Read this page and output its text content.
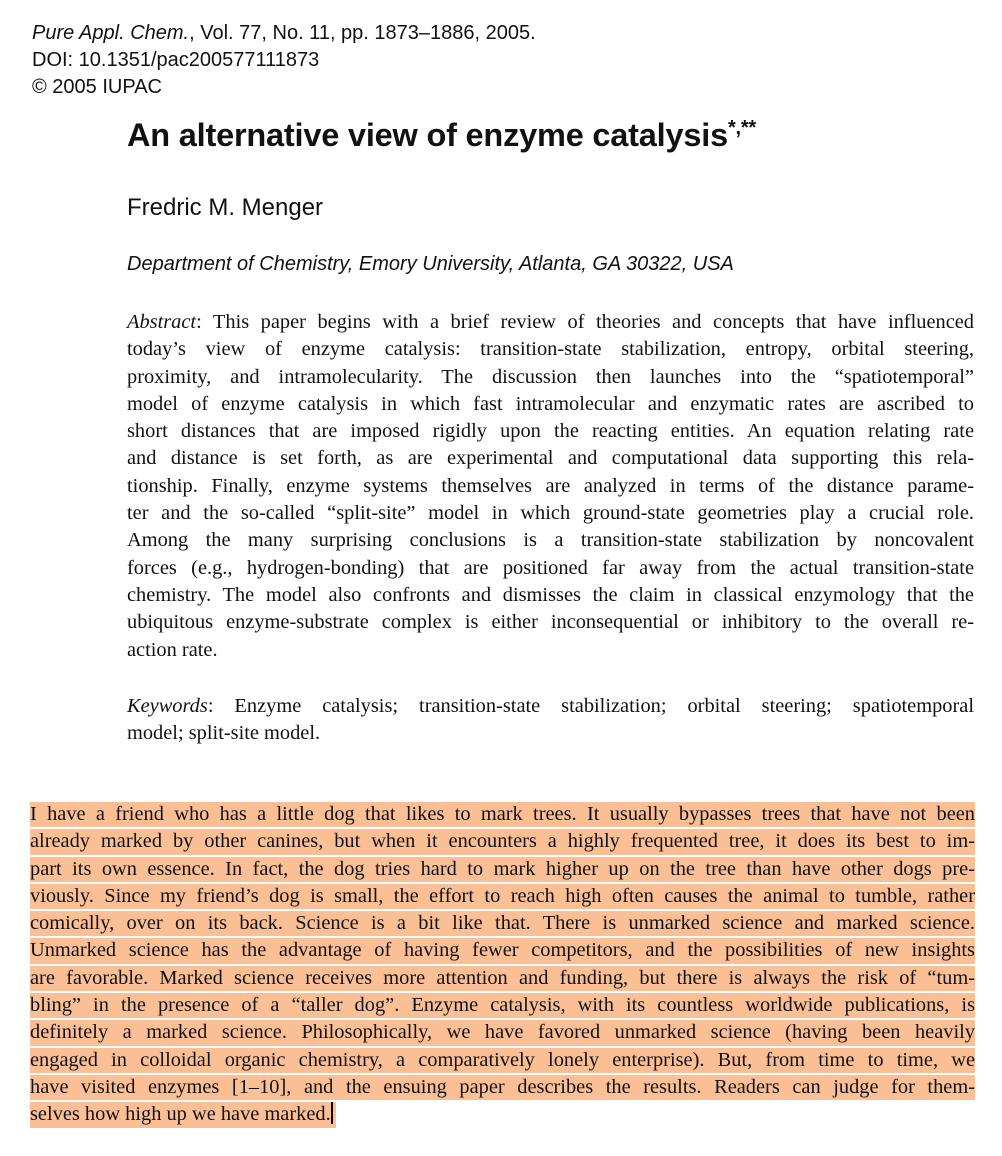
Pure Appl. Chem., Vol. 77, No. 11, pp. 1873–1886, 2005.
DOI: 10.1351/pac200577111873
© 2005 IUPAC
An alternative view of enzyme catalysis*,**
Fredric M. Menger
Department of Chemistry, Emory University, Atlanta, GA 30322, USA
Abstract: This paper begins with a brief review of theories and concepts that have influenced
today’s view of enzyme catalysis: transition-state stabilization, entropy, orbital steering,
proximity, and intramolecularity. The discussion then launches into the “spatiotemporal”
model of enzyme catalysis in which fast intramolecular and enzymatic rates are ascribed to
short distances that are imposed rigidly upon the reacting entities. An equation relating rate
and distance is set forth, as are experimental and computational data supporting this rela-
tionship. Finally, enzyme systems themselves are analyzed in terms of the distance parame-
ter and the so-called “split-site” model in which ground-state geometries play a crucial role.
Among the many surprising conclusions is a transition-state stabilization by noncovalent
forces (e.g., hydrogen-bonding) that are positioned far away from the actual transition-state
chemistry. The model also confronts and dismisses the claim in classical enzymology that the
ubiquitous enzyme-substrate complex is either inconsequential or inhibitory to the overall re-
action rate.
Keywords: Enzyme catalysis; transition-state stabilization; orbital steering; spatiotemporal
model; split-site model.
I have a friend who has a little dog that likes to mark trees. It usually bypasses trees that have not been
already marked by other canines, but when it encounters a highly frequented tree, it does its best to im-
part its own essence. In fact, the dog tries hard to mark higher up on the tree than have other dogs pre-
viously. Since my friend’s dog is small, the effort to reach high often causes the animal to tumble, rather
comically, over on its back. Science is a bit like that. There is unmarked science and marked science.
Unmarked science has the advantage of having fewer competitors, and the possibilities of new insights
are favorable. Marked science receives more attention and funding, but there is always the risk of “tum-
bling” in the presence of a “taller dog”. Enzyme catalysis, with its countless worldwide publications, is
definitely a marked science. Philosophically, we have favored unmarked science (having been heavily
engaged in colloidal organic chemistry, a comparatively lonely enterprise). But, from time to time, we
have visited enzymes [1–10], and the ensuing paper describes the results. Readers can judge for them-
selves how high up we have marked.
